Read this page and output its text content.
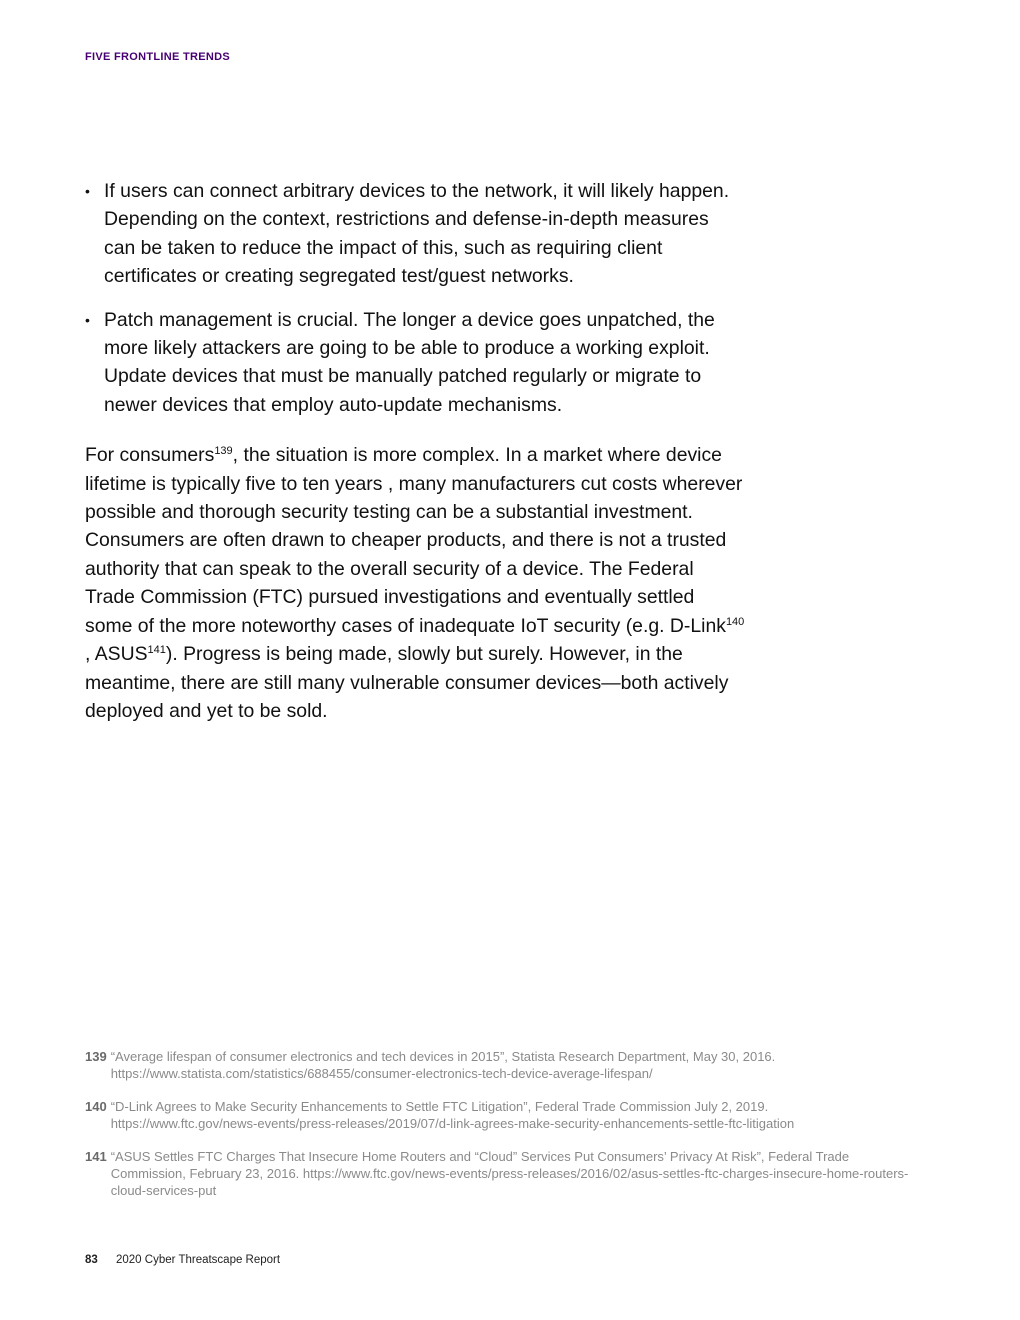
FIVE FRONTLINE TRENDS
• If users can connect arbitrary devices to the network, it will likely happen. Depending on the context, restrictions and defense-in-depth measures can be taken to reduce the impact of this, such as requiring client certificates or creating segregated test/guest networks.
• Patch management is crucial. The longer a device goes unpatched, the more likely attackers are going to be able to produce a working exploit. Update devices that must be manually patched regularly or migrate to newer devices that employ auto-update mechanisms.

For consumers$^{139}$, the situation is more complex. In a market where device lifetime is typically five to ten years , many manufacturers cut costs wherever possible and thorough security testing can be a substantial investment. Consumers are often drawn to cheaper products, and there is not a trusted authority that can speak to the overall security of a device. The Federal Trade Commission (FTC) pursued investigations and eventually settled some of the more noteworthy cases of inadequate IoT security (e.g. D-Link$^{140}$ , ASUS$^{141}$). Progress is being made, slowly but surely. However, in the meantime, there are still many vulnerable consumer devices—both actively deployed and yet to be sold.

139 “Average lifespan of consumer electronics and tech devices in 2015”, Statista Research Department, May 30, 2016.
https://www.statista.com/statistics/688455/consumer-electronics-tech-device-average-lifespan/
140 “D-Link Agrees to Make Security Enhancements to Settle FTC Litigation”, Federal Trade Commission July 2, 2019.
https://www.ftc.gov/news-events/press-releases/2019/07/d-link-agrees-make-security-enhancements-settle-ftc-litigation
141 “ASUS Settles FTC Charges That Insecure Home Routers and “Cloud” Services Put Consumers’ Privacy At Risk”, Federal Trade Commission, February 23, 2016. https://www.ftc.gov/news-events/press-releases/2016/02/asus-settles-ftc-charges-insecure-home-routers-cloud-services-put
83 2020 Cyber Threatscape Report
